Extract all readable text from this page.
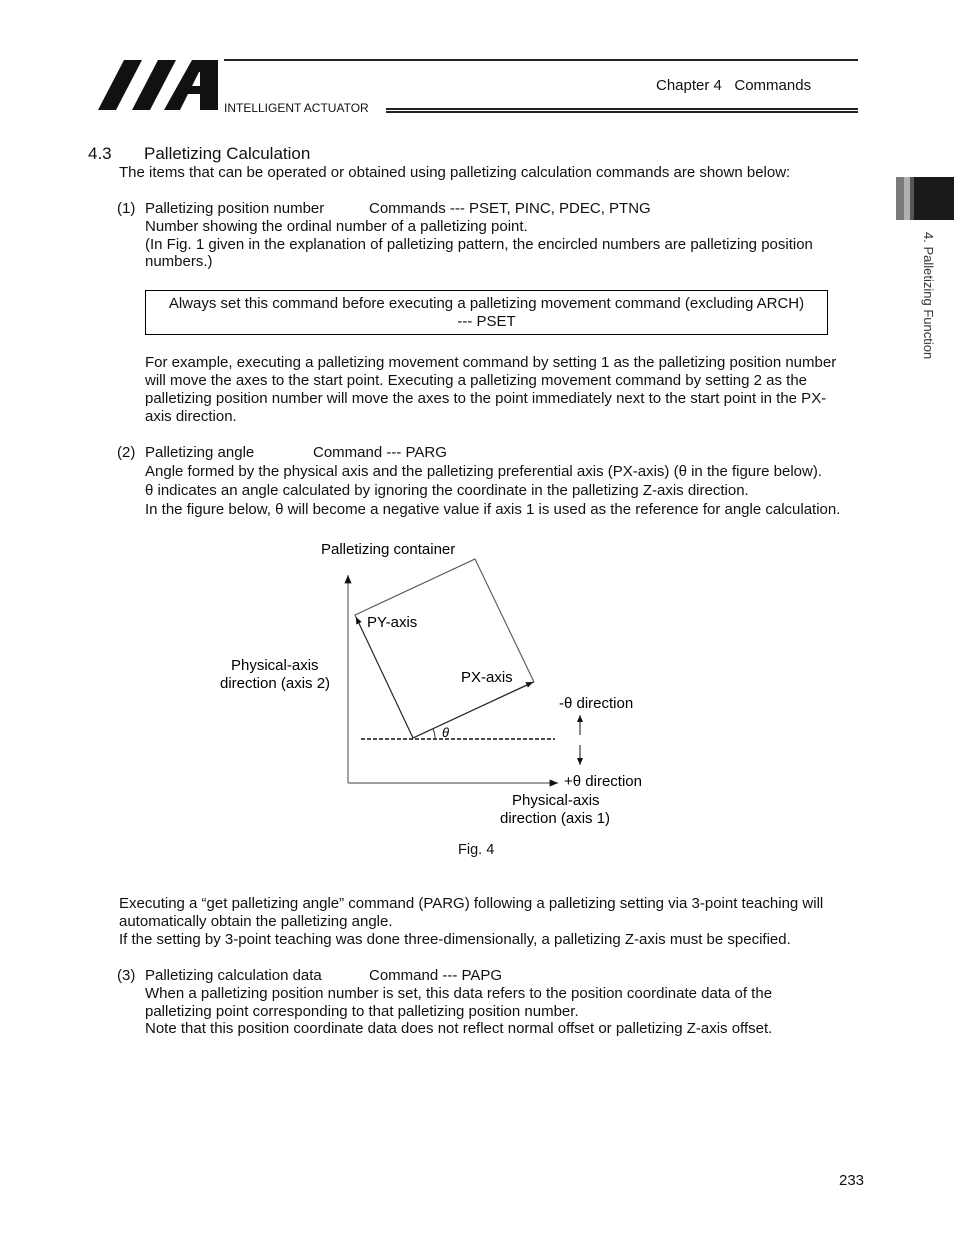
INTELLIGENT ACTUATOR
Chapter 4   Commands
4. Palletizing Function
4.3 Palletizing Calculation
The items that can be operated or obtained using palletizing calculation commands are shown below:
(1) Palletizing position number	Commands --- PSET, PINC, PDEC, PTNG
Number showing the ordinal number of a palletizing point.
(In Fig. 1 given in the explanation of palletizing pattern, the encircled numbers are palletizing position
numbers.)
Always set this command before executing a palletizing movement command (excluding ARCH)
--- PSET
For example, executing a palletizing movement command by setting 1 as the palletizing position number
will move the axes to the start point. Executing a palletizing movement command by setting 2 as the
palletizing position number will move the axes to the point immediately next to the start point in the PX-
axis direction.
(2) Palletizing angle	Command --- PARG
Angle formed by the physical axis and the palletizing preferential axis (PX-axis) (θ in the figure below).
θ indicates an angle calculated by ignoring the coordinate in the palletizing Z-axis direction.
In the figure below, θ will become a negative value if axis 1 is used as the reference for angle calculation.
Palletizing container
θ
PY-axis
PX-axis
Physical-axis
direction (axis 2)
Physical-axis
direction (axis 1)
-θ direction
+θ direction
Fig. 4
Executing a “get palletizing angle” command (PARG) following a palletizing setting via 3-point teaching will
automatically obtain the palletizing angle.
If the setting by 3-point teaching was done three-dimensionally, a palletizing Z-axis must be specified.
(3) Palletizing calculation data	Command --- PAPG
When a palletizing position number is set, this data refers to the position coordinate data of the
palletizing point corresponding to that palletizing position number.
Note that this position coordinate data does not reflect normal offset or palletizing Z-axis offset.
233
